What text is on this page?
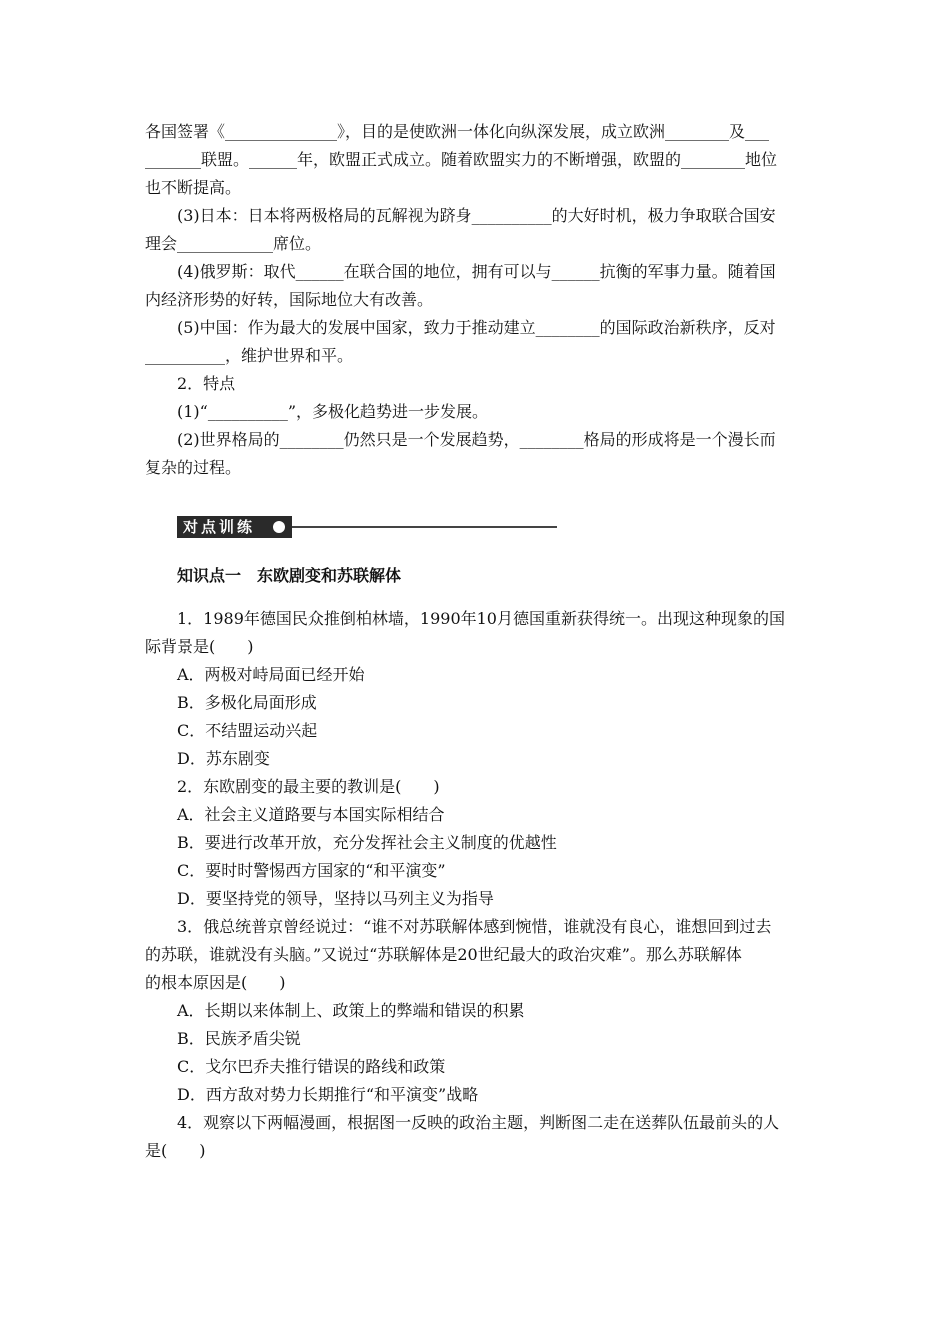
各国签署《______________》，目的是使欧洲一体化向纵深发展，成立欧洲________及___
_______联盟。______年，欧盟正式成立。随着欧盟实力的不断增强，欧盟的________地位
也不断提高。
(3)日本：日本将两极格局的瓦解视为跻身__________的大好时机，极力争取联合国安
理会____________席位。
(4)俄罗斯：取代______在联合国的地位，拥有可以与______抗衡的军事力量。随着国
内经济形势的好转，国际地位大有改善。
(5)中国：作为最大的发展中国家，致力于推动建立________的国际政治新秩序，反对
__________，维护世界和平。
2．特点
(1)“__________”，多极化趋势进一步发展。
(2)世界格局的________仍然只是一个发展趋势，________格局的形成将是一个漫长而
复杂的过程。
对点训练
知识点一　东欧剧变和苏联解体
1．1989年德国民众推倒柏林墙，1990年10月德国重新获得统一。出现这种现象的国
际背景是(　　)
A．两极对峙局面已经开始
B．多极化局面形成
C．不结盟运动兴起
D．苏东剧变
2．东欧剧变的最主要的教训是(　　)
A．社会主义道路要与本国实际相结合
B．要进行改革开放，充分发挥社会主义制度的优越性
C．要时时警惕西方国家的“和平演变”
D．要坚持党的领导，坚持以马列主义为指导
3．俄总统普京曾经说过：“谁不对苏联解体感到惋惜，谁就没有良心，谁想回到过去
的苏联，谁就没有头脑。”又说过“苏联解体是20世纪最大的政治灾难”。那么苏联解体
的根本原因是(　　)
A．长期以来体制上、政策上的弊端和错误的积累
B．民族矛盾尖锐
C．戈尔巴乔夫推行错误的路线和政策
D．西方敌对势力长期推行“和平演变”战略
4．观察以下两幅漫画，根据图一反映的政治主题，判断图二走在送葬队伍最前头的人
是(　　)
